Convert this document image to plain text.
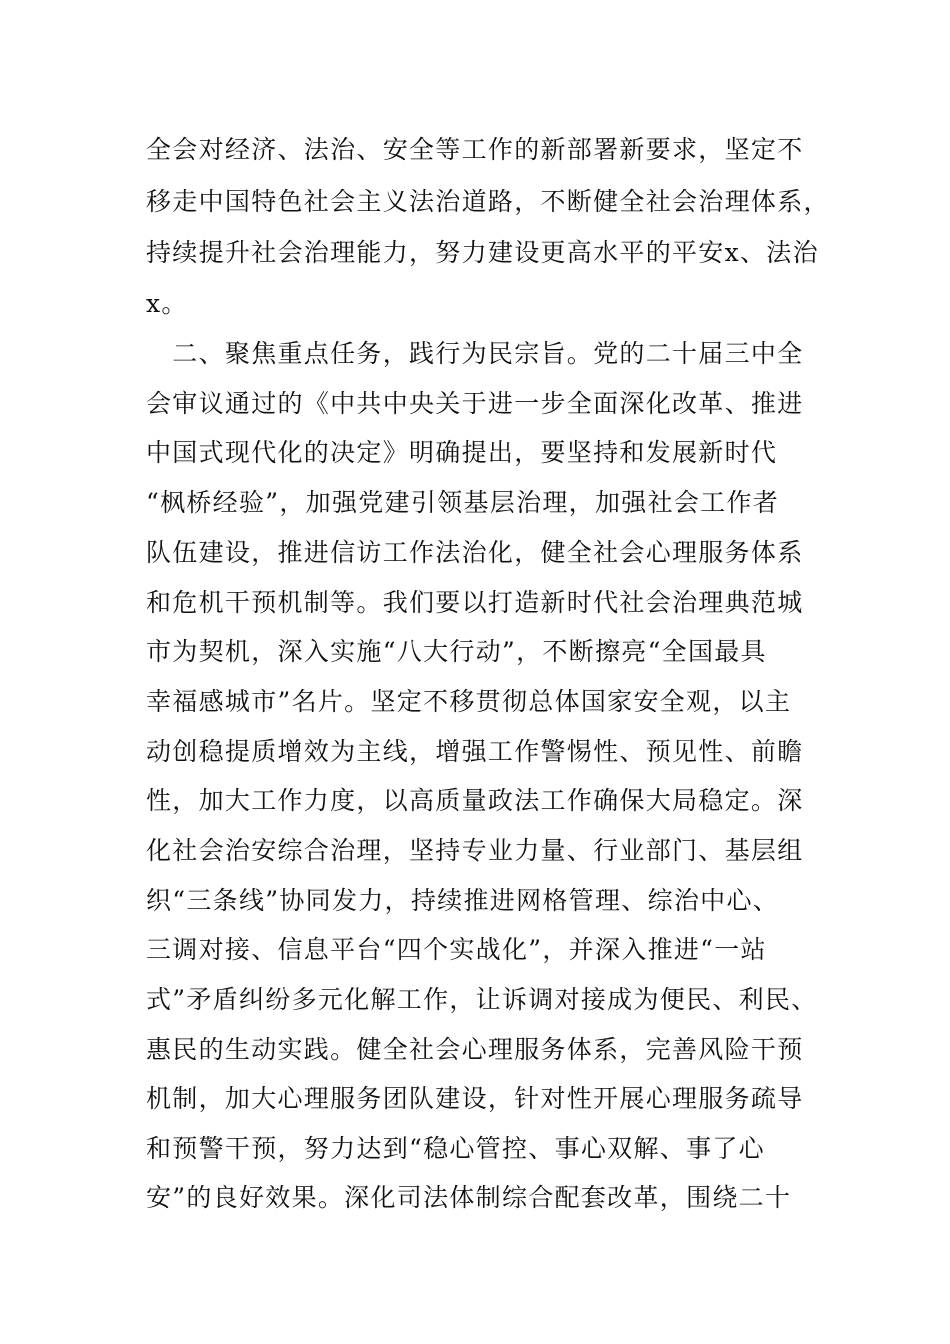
全会对经济、法治、安全等工作的新部署新要求，坚定不
移走中国特色社会主义法治道路，不断健全社会治理体系，
持续提升社会治理能力，努力建设更高水平的平安x、法治
x。
　二、聚焦重点任务，践行为民宗旨。党的二十届三中全
会审议通过的《中共中央关于进一步全面深化改革、推进
中国式现代化的决定》明确提出，要坚持和发展新时代
“枫桥经验”，加强党建引领基层治理，加强社会工作者
队伍建设，推进信访工作法治化，健全社会心理服务体系
和危机干预机制等。我们要以打造新时代社会治理典范城
市为契机，深入实施“八大行动”，不断擦亮“全国最具
幸福感城市”名片。坚定不移贯彻总体国家安全观，以主
动创稳提质增效为主线，增强工作警惕性、预见性、前瞻
性，加大工作力度，以高质量政法工作确保大局稳定。深
化社会治安综合治理，坚持专业力量、行业部门、基层组
织“三条线”协同发力，持续推进网格管理、综治中心、
三调对接、信息平台“四个实战化”，并深入推进“一站
式”矛盾纠纷多元化解工作，让诉调对接成为便民、利民、
惠民的生动实践。健全社会心理服务体系，完善风险干预
机制，加大心理服务团队建设，针对性开展心理服务疏导
和预警干预，努力达到“稳心管控、事心双解、事了心
安”的良好效果。深化司法体制综合配套改革，围绕二十
